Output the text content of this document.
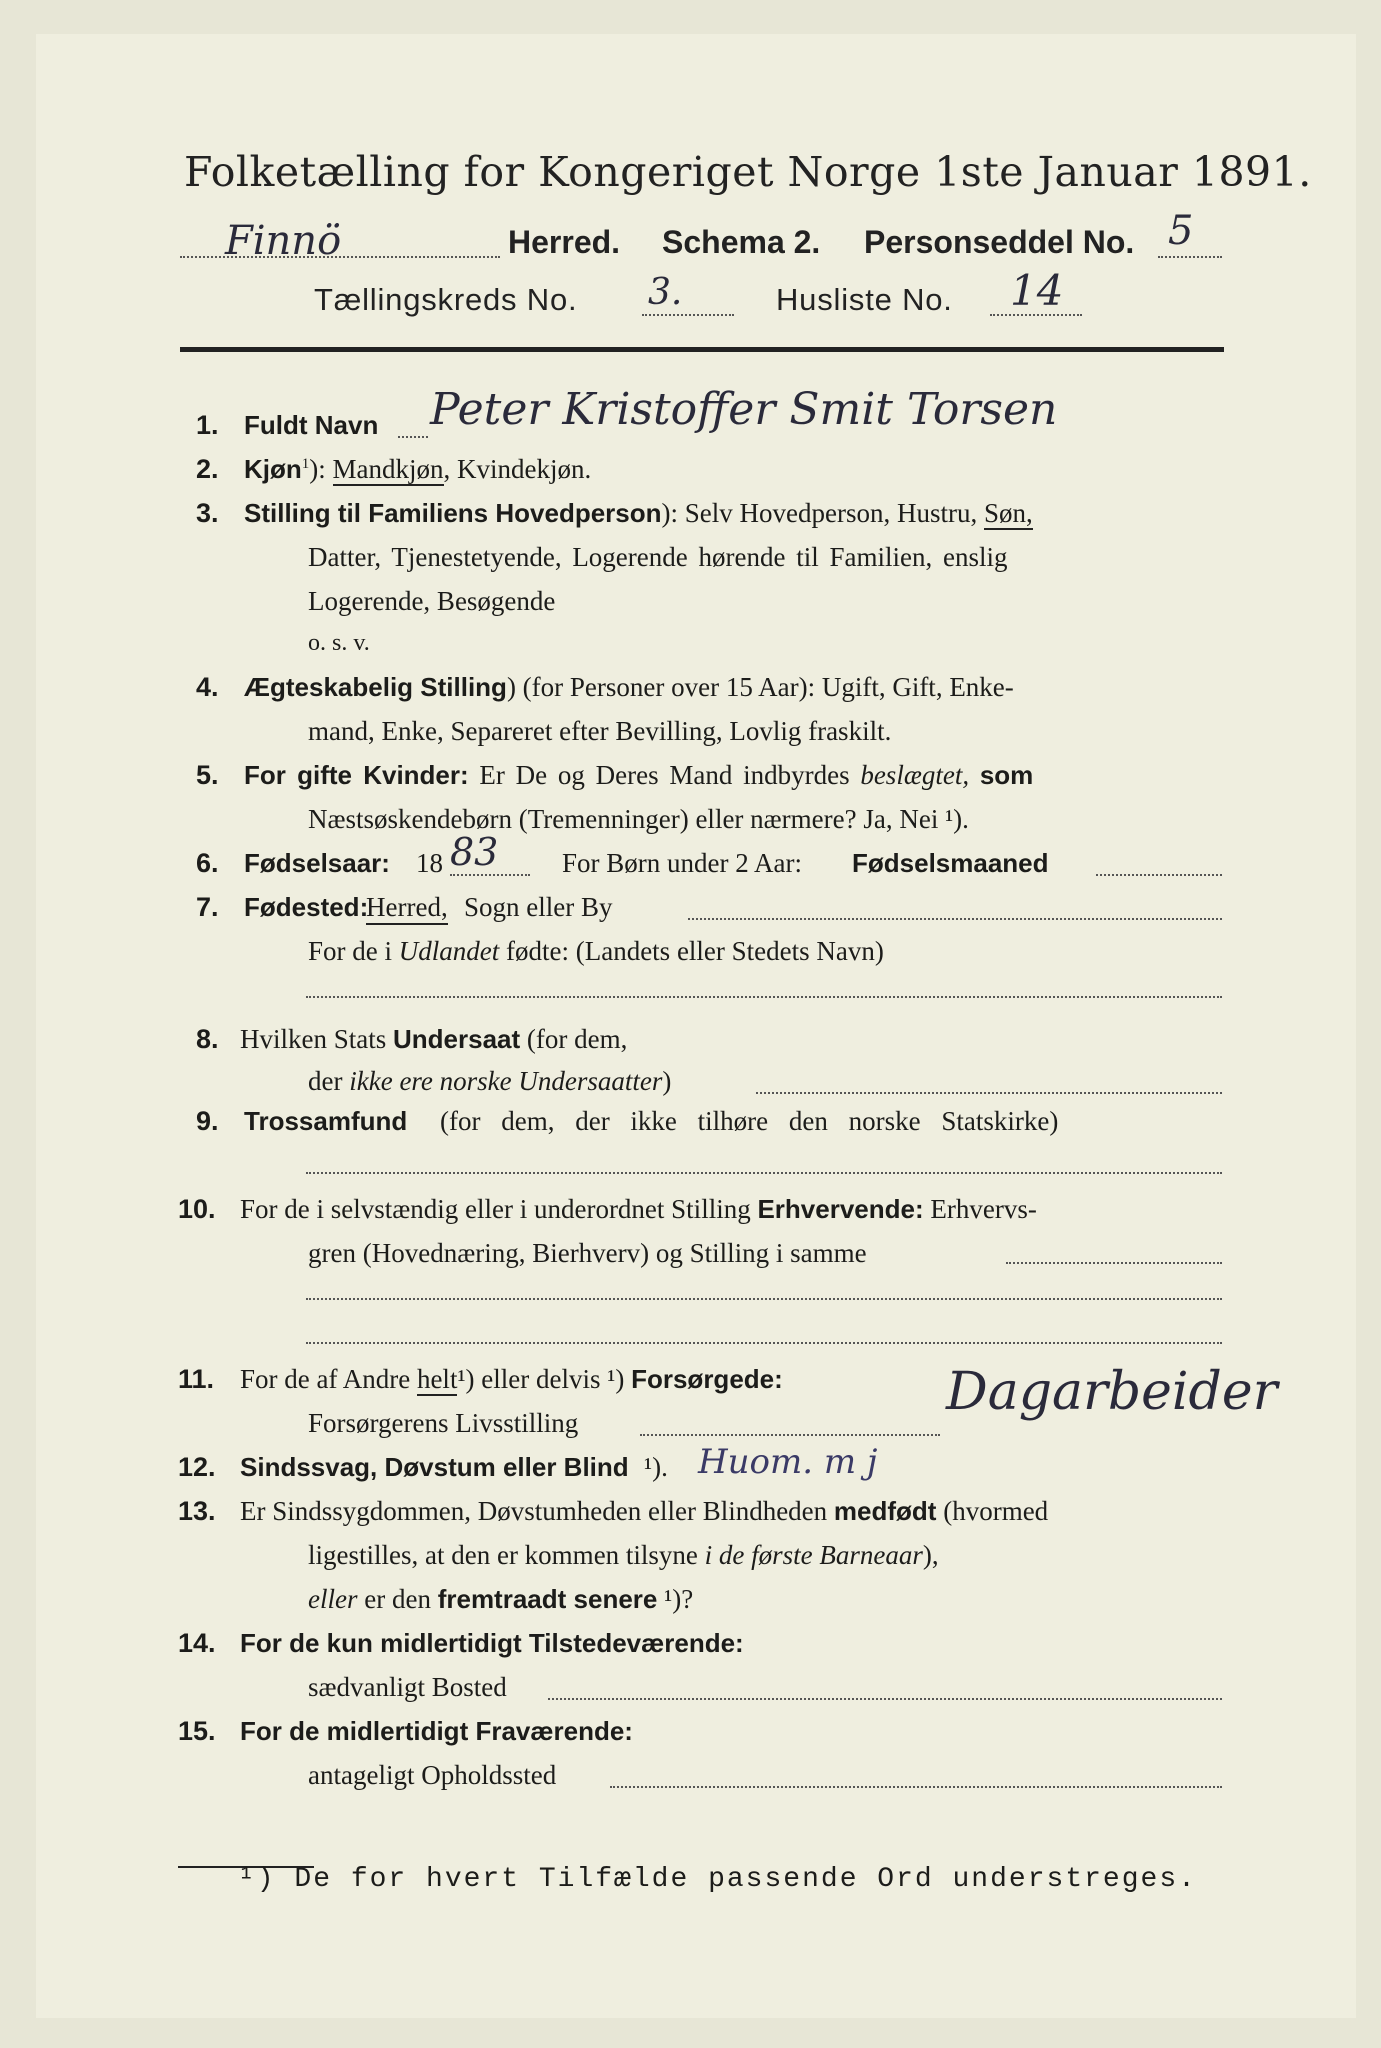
Folketælling for Kongeriget Norge 1ste Januar 1891.
Finnö	Herred. Schema 2. Personseddel No. 5
Tællingskreds No. 3.	Husliste No. 14
1. Fuldt Navn Peter Kristoffer Smit Torsen
2. Kjøn$^1$): Mandkjøn, Kvindekjøn.
3. Stilling til Familiens Hovedperson): Selv Hovedperson, Hustru, Søn,
Datter, Tjenestetyende, Logerende hørende til Familien, enslig
Logerende, Besøgende
o. s. v.
4. Ægteskabelig Stilling) (for Personer over 15 Aar): Ugift, Gift, Enke-
mand, Enke, Separeret efter Bevilling, Lovlig fraskilt.
5. For gifte Kvinder: Er De og Deres Mand indbyrdes beslægtet, som
Næstsøskendebørn (Tremenninger) eller nærmere? Ja, Nei ¹).
6. Fødselsaar: 18 83 For Børn under 2 Aar: Fødselsmaaned
7. Fødested:
Herred, Sogn eller By
For de i Udlandet fødte: (Landets eller Stedets Navn)
8. Hvilken Stats Undersaat (for dem,
der ikke ere norske Undersaatter)
9. Trossamfund (for dem, der ikke tilhøre den norske Statskirke)
10. For de i selvstændig eller i underordnet Stilling Erhvervende: Erhvervs-
gren (Hovednæring, Bierhverv) og Stilling i samme
11. For de af Andre helt¹) eller delvis ¹) Forsørgede:
Forsørgerens Livsstilling
Dagarbeider
12. Sindssvag, Døvstum eller Blind ¹). Huom. m j
13. Er Sindssygdommen, Døvstumheden eller Blindheden medfødt (hvormed
ligestilles, at den er kommen tilsyne i de første Barneaar),
eller er den fremtraadt senere ¹)?
14. For de kun midlertidigt Tilstedeværende:
sædvanligt Bosted
15. For de midlertidigt Fraværende:
antageligt Opholdssted
¹) De for hvert Tilfælde passende Ord understreges.
